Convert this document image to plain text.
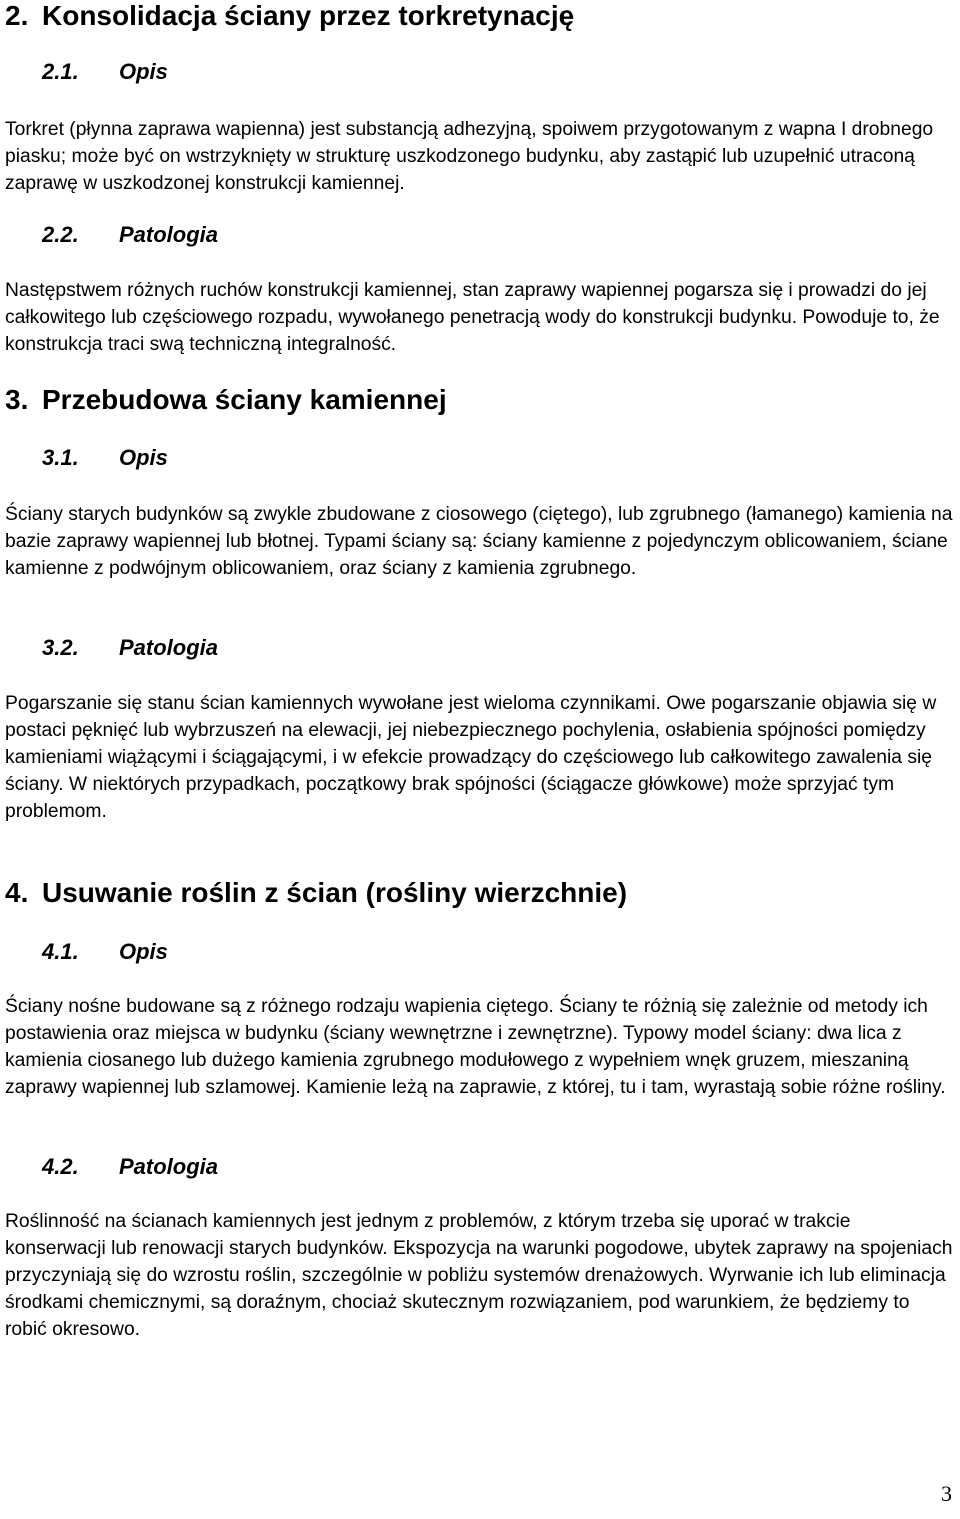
2. Konsolidacja ściany przez torkretynację
2.1. Opis

Torkret (płynna zaprawa wapienna) jest substancją adhezyjną, spoiwem przygotowanym z wapna I drobnego piasku; może być on wstrzyknięty w strukturę uszkodzonego budynku, aby zastąpić lub uzupełnić utraconą zaprawę w uszkodzonej konstrukcji kamiennej.

2.2. Patologia

Następstwem różnych ruchów konstrukcji kamiennej, stan zaprawy wapiennej pogarsza się i prowadzi do jej całkowitego lub częściowego rozpadu, wywołanego penetracją wody do konstrukcji budynku. Powoduje to, że konstrukcja traci swą techniczną integralność.

3. Przebudowa ściany kamiennej
3.1. Opis

Ściany starych budynków są zwykle zbudowane z ciosowego (ciętego), lub zgrubnego (łamanego) kamienia na bazie zaprawy wapiennej lub błotnej. Typami ściany są: ściany kamienne z pojedynczym oblicowaniem, ściane kamienne z podwójnym oblicowaniem, oraz ściany z kamienia zgrubnego.

3.2. Patologia

Pogarszanie się stanu ścian kamiennych wywołane jest wieloma czynnikami. Owe pogarszanie objawia się w postaci pęknięć lub wybrzuszeń na elewacji, jej niebezpiecznego pochylenia, osłabienia spójności pomiędzy kamieniami wiążącymi i ściągającymi, i w efekcie prowadzący do częściowego lub całkowitego zawalenia się ściany. W niektórych przypadkach, początkowy brak spójności (ściągacze główkowe) może sprzyjać tym problemom.

4. Usuwanie roślin z ścian (rośliny wierzchnie)
4.1. Opis

Ściany nośne budowane są z różnego rodzaju wapienia ciętego. Ściany te różnią się zależnie od metody ich postawienia oraz miejsca w budynku (ściany wewnętrzne i zewnętrzne). Typowy model ściany: dwa lica z kamienia ciosanego lub dużego kamienia zgrubnego modułowego z wypełniem wnęk gruzem, mieszaniną zaprawy wapiennej lub szlamowej. Kamienie leżą na zaprawie, z której, tu i tam, wyrastają sobie różne rośliny.

4.2. Patologia

Roślinność na ścianach kamiennych jest jednym z problemów, z którym trzeba się uporać w trakcie konserwacji lub renowacji starych budynków. Ekspozycja na warunki pogodowe, ubytek zaprawy na spojeniach przyczyniają się do wzrostu roślin, szczególnie w pobliżu systemów drenażowych. Wyrwanie ich lub eliminacja środkami chemicznymi, są doraźnym, chociaż skutecznym rozwiązaniem, pod warunkiem, że będziemy to robić okresowo.

3
